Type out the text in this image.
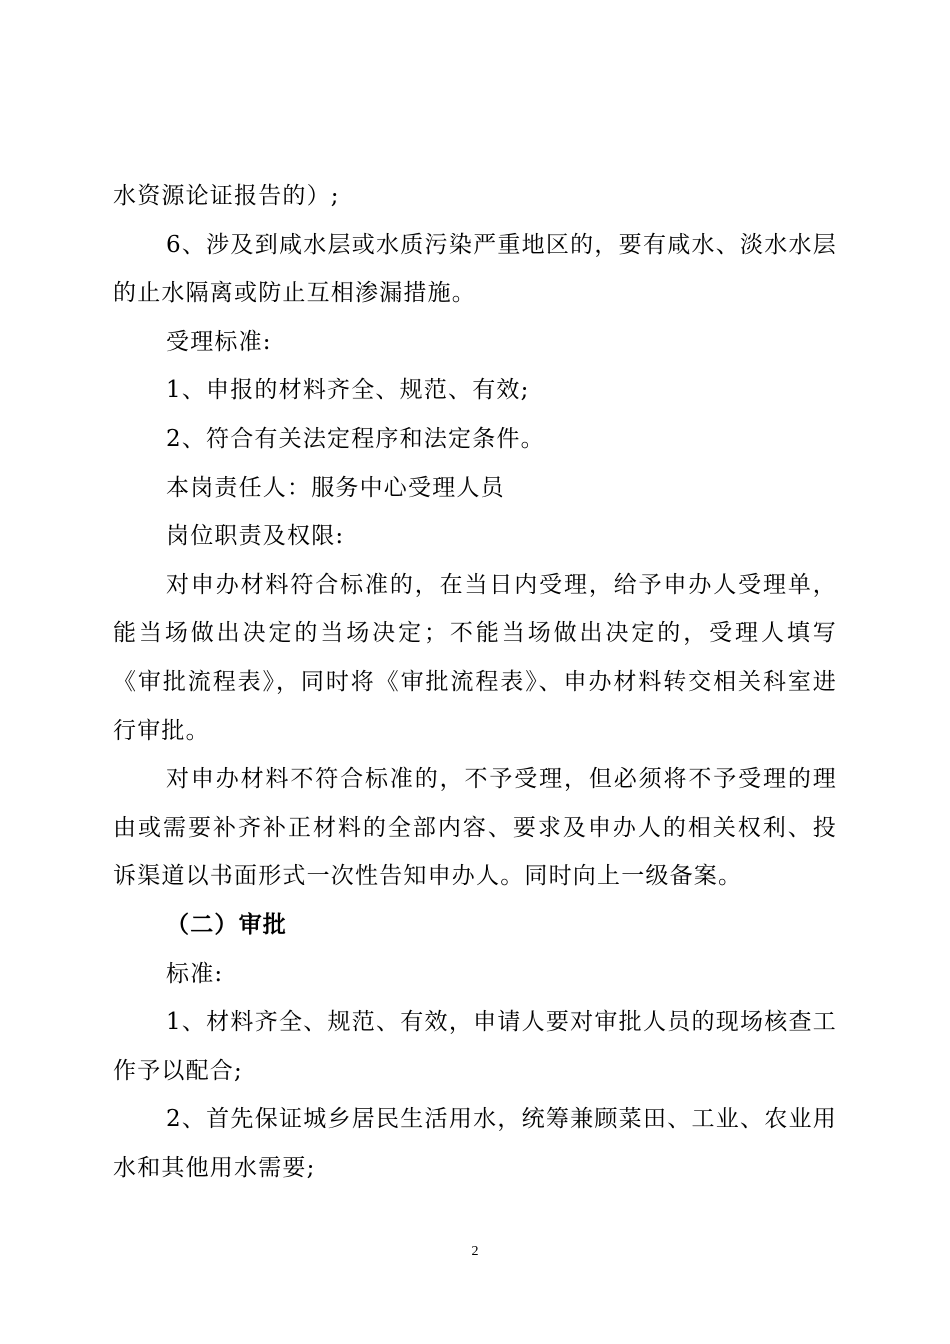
水资源论证报告的）;

6、涉及到咸水层或水质污染严重地区的，要有咸水、淡水水层的止水隔离或防止互相渗漏措施。

受理标准:

1、申报的材料齐全、规范、有效;

2、符合有关法定程序和法定条件。

本岗责任人：服务中心受理人员

岗位职责及权限:

对申办材料符合标准的，在当日内受理，给予申办人受理单，能当场做出决定的当场决定；不能当场做出决定的，受理人填写《审批流程表》，同时将《审批流程表》、申办材料转交相关科室进行审批。

对申办材料不符合标准的，不予受理，但必须将不予受理的理由或需要补齐补正材料的全部内容、要求及申办人的相关权利、投诉渠道以书面形式一次性告知申办人。同时向上一级备案。

（二）审批

标准:

1、材料齐全、规范、有效，申请人要对审批人员的现场核查工作予以配合;

2、首先保证城乡居民生活用水，统筹兼顾菜田、工业、农业用水和其他用水需要;

2
